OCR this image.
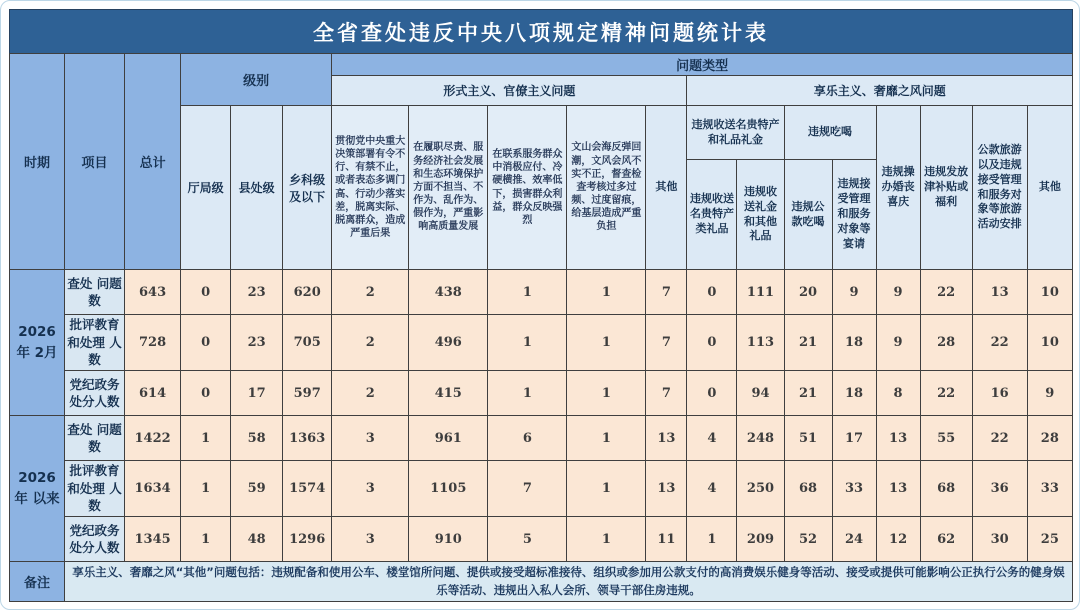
全省查处违反中央八项规定精神问题统计表
时期	项目	总计	级别			问题类型												
						形式主义、官僚主义问题					享乐主义、奢靡之风问题							
			厅局级	县处级	乡科级及以下	贯彻党中央重大决策部署有令不行、有禁不止，或者表态多调门高、行动少落实差，脱离实际、脱离群众，造成严重后果	在履职尽责、服务经济社会发展和生态环境保护方面不担当、不作为、乱作为、假作为，严重影响高质量发展	在联系服务群众中消极应付、冷硬横推、效率低下，损害群众利益，群众反映强烈	文山会海反弹回潮，文风会风不实不正，督查检查考核过多过频、过度留痕，给基层造成严重负担	其他	违规收送名贵特产和礼品礼金		违规吃喝		违规操办婚丧喜庆	违规发放津补贴或福利	公款旅游以及违规接受管理和服务对象等旅游活动安排	其他
											违规收送名贵特产类礼品	违规收送礼金和其他礼品	违规公款吃喝	违规接受管理和服务对象等宴请				
2026年 2月	查处 问题数	643	0	23	620	2	438	1	1	7	0	111	20	9	9	22	13	10
	批评教育 和处理 人数	728	0	23	705	2	496	1	1	7	0	113	21	18	9	28	22	10
	党纪政务 处分人数	614	0	17	597	2	415	1	1	7	0	94	21	18	8	22	16	9
2026年 以来	查处 问题数	1422	1	58	1363	3	961	6	1	13	4	248	51	17	13	55	22	28
	批评教育 和处理 人数	1634	1	59	1574	3	1105	7	1	13	4	250	68	33	13	68	36	33
	党纪政务 处分人数	1345	1	48	1296	3	910	5	1	11	1	209	52	24	12	62	30	25
备注	享乐主义、奢靡之风“其他”问题包括：违规配备和使用公车、楼堂馆所问题、提供或接受超标准接待、组织或参加用公款支付的高消费娱乐健身等活动、接受或提供可能影响公正执行公务的健身娱乐等活动、违规出入私人会所、领导干部住房违规。																	
